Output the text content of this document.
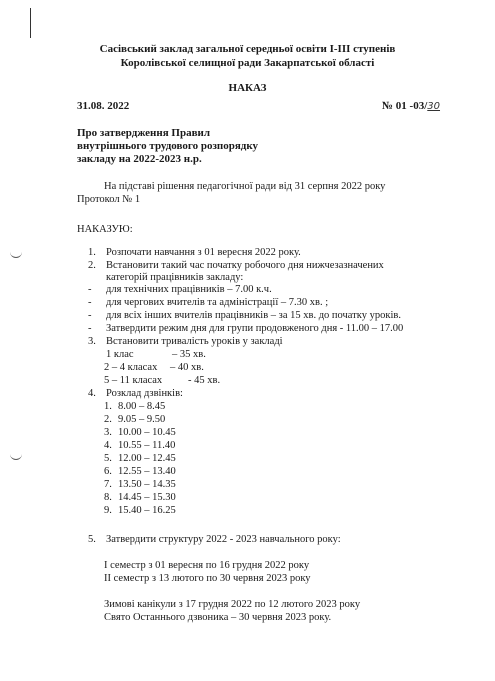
Сасівський заклад загальної середньої освіти І-ІІІ ступенів
Королівської селищної ради Закарпатської області
НАКАЗ
31.08. 2022	№ 01 -03/30
Про затвердження Правил
внутрішнього трудового розпорядку
закладу на 2022-2023 н.р.
На підставі рішення педагогічної ради від 31 серпня 2022 року
Протокол № 1
НАКАЗУЮ:
1. Розпочати навчання з 01 вересня 2022 року.
2. Встановити такий час початку робочого дня нижчезазначених
категорій працівників закладу:
- для технічних працівників – 7.00 к.ч.
- для чергових вчителів та адміністрації – 7.30 хв. ;
- для всіх інших вчителів працівників – за 15 хв. до початку уроків.
- Затвердити режим дня для групи продовженого дня - 11.00 – 17.00
3. Встановити тривалість уроків у закладі
1 клас	– 35 хв.
2 – 4 класах – 40 хв.
5 – 11 класах - 45 хв.
4. Розклад дзвінків:
1. 8.00 – 8.45
2. 9.05 – 9.50
3. 10.00 – 10.45
4. 10.55 – 11.40
5. 12.00 – 12.45
6. 12.55 – 13.40
7. 13.50 – 14.35
8. 14.45 – 15.30
9. 15.40 – 16.25
5. Затвердити структуру 2022 - 2023 навчального року:
І семестр з 01 вересня по 16 грудня 2022 року
ІІ семестр з 13 лютого по 30 червня 2023 року
Зимові канікули з 17 грудня 2022 по 12 лютого 2023 року
Свято Останнього дзвоника – 30 червня 2023 року.
